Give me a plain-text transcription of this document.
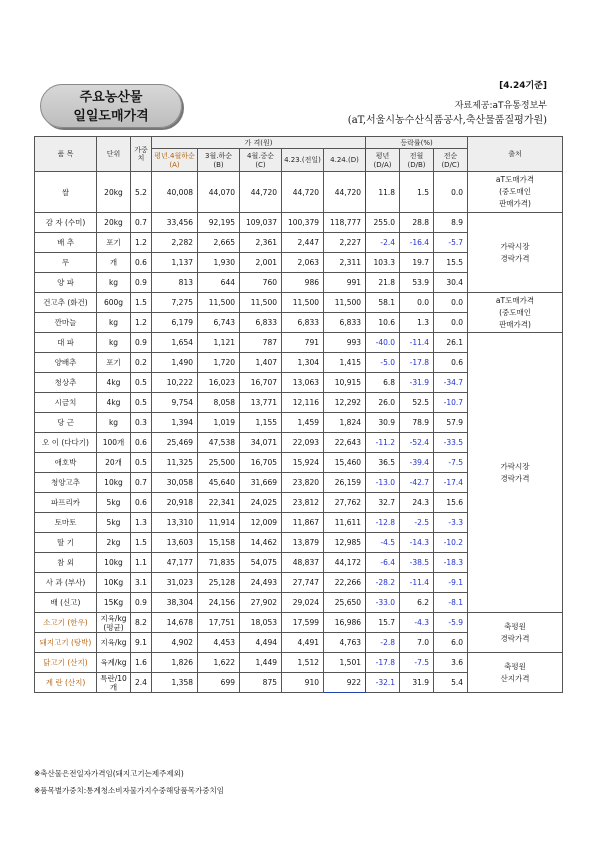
주요농산물
일일도매가격
[4.24기준]
자료제공:aT유통정보부
(aT,서울시농수산식품공사,축산물품질평가원)
품 목	단위	가중치	가 격(원)					등락률(%)			출처
			평년.4월하순(A)	3월.하순(B)	4월.중순(C)	4.23.(전일)	4.24.(D)	평년(D/A)	전월(D/B)	전순(D/C)	
쌀	20kg	5.2	40,008	44,070	44,720	44,720	44,720	11.8	1.5	0.0	aT도매가격
(중도매인
판매가격)

감 자 (수미)	20kg	0.7	33,456	92,195	109,037	100,379	118,777	255.0	28.8	8.9	가락시장
경락가격

배 추	포기	1.2	2,282	2,665	2,361	2,447	2,227	-2.4	-16.4	-5.7	
무	개	0.6	1,137	1,930	2,001	2,063	2,311	103.3	19.7	15.5	
양 파	kg	0.9	813	644	760	986	991	21.8	53.9	30.4	
건고추 (화건)	600g	1.5	7,275	11,500	11,500	11,500	11,500	58.1	0.0	0.0	aT도매가격
(중도매인
판매가격)

깐마늘	kg	1.2	6,179	6,743	6,833	6,833	6,833	10.6	1.3	0.0	
대 파	kg	0.9	1,654	1,121	787	791	993	-40.0	-11.4	26.1	가락시장
경락가격

양배추	포기	0.2	1,490	1,720	1,407	1,304	1,415	-5.0	-17.8	0.6	
청상추	4kg	0.5	10,222	16,023	16,707	13,063	10,915	6.8	-31.9	-34.7	
시금치	4kg	0.5	9,754	8,058	13,771	12,116	12,292	26.0	52.5	-10.7	
당 근	kg	0.3	1,394	1,019	1,155	1,459	1,824	30.9	78.9	57.9	
오 이 (다다기)	100개	0.6	25,469	47,538	34,071	22,093	22,643	-11.2	-52.4	-33.5	
애호박	20개	0.5	11,325	25,500	16,705	15,924	15,460	36.5	-39.4	-7.5	
청양고추	10kg	0.7	30,058	45,640	31,669	23,820	26,159	-13.0	-42.7	-17.4	
파프리카	5kg	0.6	20,918	22,341	24,025	23,812	27,762	32.7	24.3	15.6	
토마토	5kg	1.3	13,310	11,914	12,009	11,867	11,611	-12.8	-2.5	-3.3	
딸 기	2kg	1.5	13,603	15,158	14,462	13,879	12,985	-4.5	-14.3	-10.2	
참 외	10kg	1.1	47,177	71,835	54,075	48,837	44,172	-6.4	-38.5	-18.3	
사 과 (부사)	10Kg	3.1	31,023	25,128	24,493	27,747	22,266	-28.2	-11.4	-9.1	
배 (신고)	15Kg	0.9	38,304	24,156	27,902	29,024	25,650	-33.0	6.2	-8.1	
소고기 (한우)	지육/kg (평균)	8.2	14,678	17,751	18,053	17,599	16,986	15.7	-4.3	-5.9	축평원
경락가격

돼지고기 (탕박)	지육/kg	9.1	4,902	4,453	4,494	4,491	4,763	-2.8	7.0	6.0	
닭고기 (산지)	육계/kg	1.6	1,826	1,622	1,449	1,512	1,501	-17.8	-7.5	3.6	축평원
산지가격

계 란 (산지)	특란/10개	2.4	1,358	699	875	910	922	-32.1	31.9	5.4	
※축산물은전일자가격임(돼지고기는제주제외)
※품목별가중치:통계청소비자물가지수중해당품목가중치임
